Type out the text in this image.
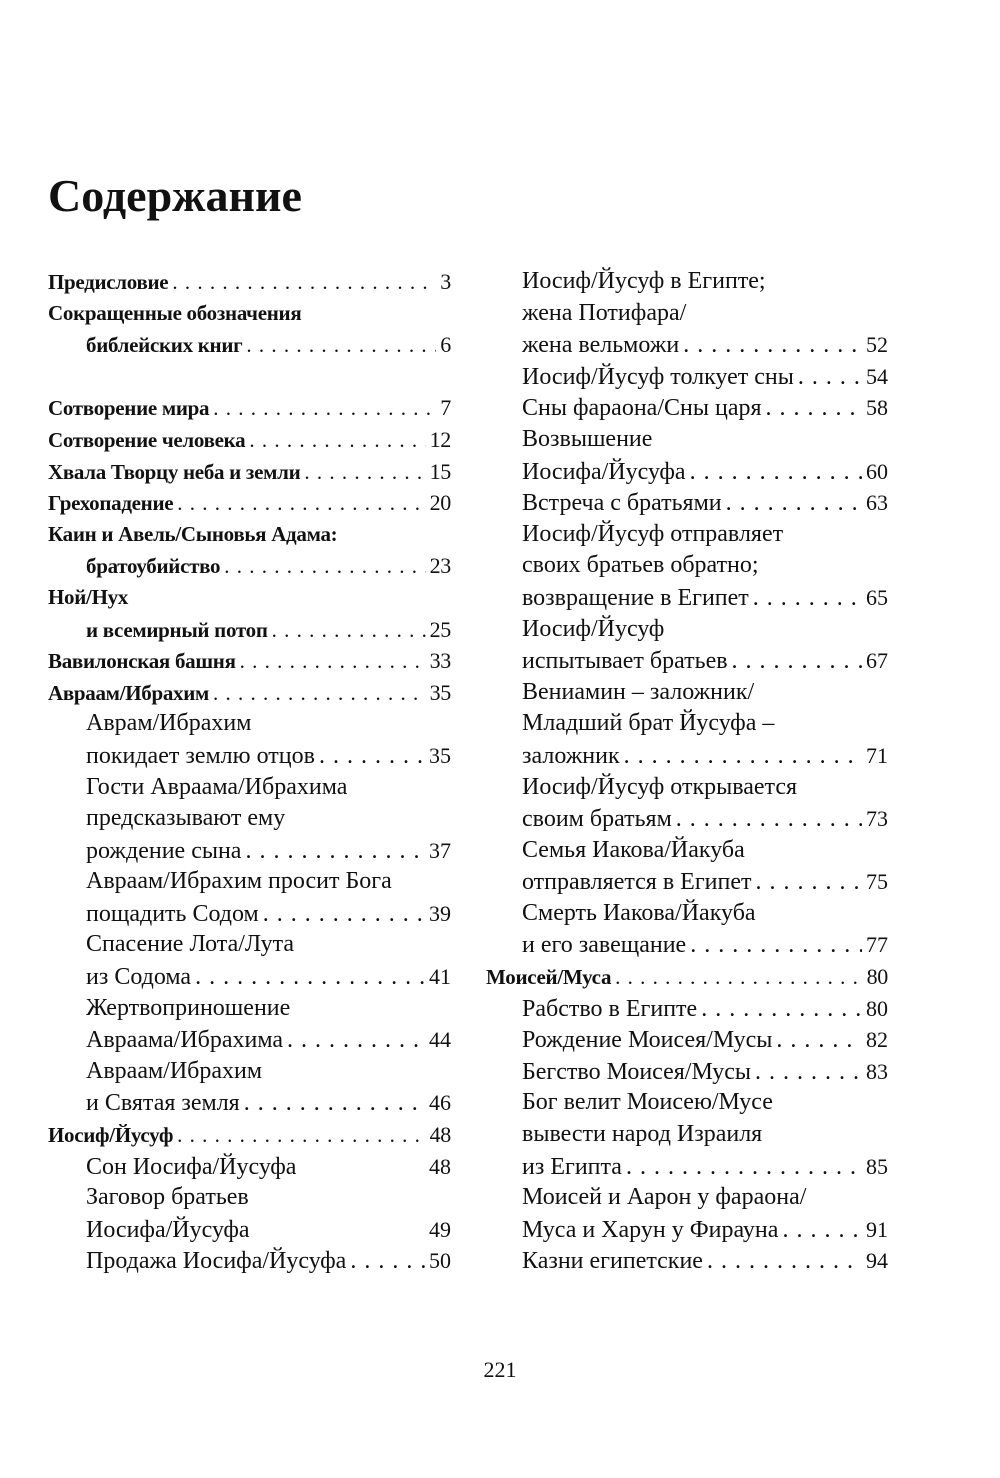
Содержание
Предисловие . . .	3
Сокращенные обозначения
библейских книг . . .	6
Сотворение мира . . .	7
Сотворение человека . . .	12
Хвала Творцу неба и земли . . .	15
Грехопадение . . .	20
Каин и Авель/Сыновья Адама:
братоубийство . . .	23
Ной/Нух
и всемирный потоп . . .	25
Вавилонская башня . . .	33
Авраам/Ибрахим . . .	35
Аврам/Ибрахим
покидает землю отцов . . .	35
Гости Авраама/Ибрахима
предсказывают ему
рождение сына . . .	37
Авраам/Ибрахим просит Бога
пощадить Содом . . .	39
Спасение Лота/Лута
из Содома . . .	41
Жертвоприношение
Авраама/Ибрахима . . .	44
Авраам/Ибрахим
и Святая земля . . .	46
Иосиф/Йусуф . . .	48
Сон Иосифа/Йусуфа	48
Заговор братьев
Иосифа/Йусуфа	49
Продажа Иосифа/Йусуфа . . .	50
Иосиф/Йусуф в Египте;
жена Потифара/
жена вельможи . . .	52
Иосиф/Йусуф толкует сны . . .	54
Сны фараона/Сны царя . . .	58
Возвышение
Иосифа/Йусуфа . . .	60
Встреча с братьями . . .	63
Иосиф/Йусуф отправляет
своих братьев обратно;
возвращение в Египет . . .	65
Иосиф/Йусуф
испытывает братьев . . .	67
Вениамин – заложник/
Младший брат Йусуфа –
заложник . . .	71
Иосиф/Йусуф открывается
своим братьям . . .	73
Семья Иакова/Йакуба
отправляется в Египет . . .	75
Смерть Иакова/Йакуба
и его завещание . . .	77
Моисей/Муса . . .	80
Рабство в Египте . . .	80
Рождение Моисея/Мусы . . .	82
Бегство Моисея/Мусы . . .	83
Бог велит Моисею/Мусе
вывести народ Израиля
из Египта . . .	85
Моисей и Аарон у фараона/
Муса и Харун у Фирауна . . .	91
Казни египетские . . .	94
221
